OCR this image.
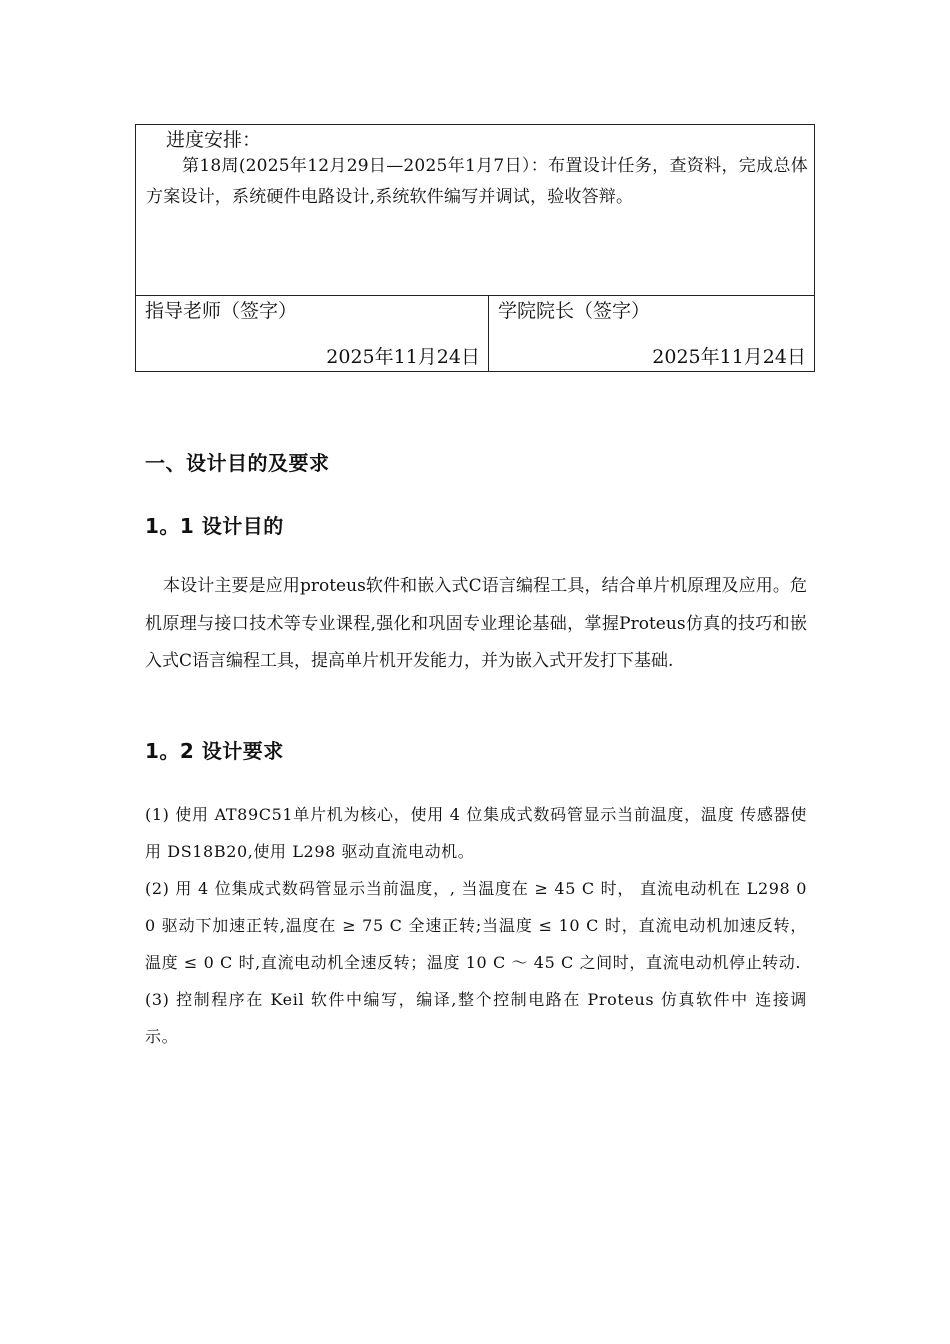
进度安排：
第18周(2025年12月29日—2025年1月7日）：布置设计任务，查资料，完成总体方案设计，系统硬件电路设计,系统软件编写并调试，验收答辩。
指导老师（签字）
2025年11月24日
学院院长（签字）
2025年11月24日
一、设计目的及要求
1。1 设计目的

本设计主要是应用proteus软件和嵌入式C语言编程工具，结合单片机原理及应用。危机原理与接口技术等专业课程,强化和巩固专业理论基础，掌握Proteus仿真的技巧和嵌入式C语言编程工具，提高单片机开发能力，并为嵌入式开发打下基础.

1。2 设计要求

(1) 使用 AT89C51单片机为核心，使用 4 位集成式数码管显示当前温度，温度 传感器使用 DS18B20,使用 L298 驱动直流电动机。

(2) 用 4 位集成式数码管显示当前温度，, 当温度在 ≥ 45 C 时， 直流电动机在 L298 0 0 驱动下加速正转,温度在 ≥ 75 C 全速正转;当温度 ≤ 10 C 时，直流电动机加速反转，温度 ≤ 0 C 时,直流电动机全速反转；温度 10 C ～ 45 C 之间时，直流电动机停止转动.

(3) 控制程序在 Keil 软件中编写，编译,整个控制电路在 Proteus 仿真软件中 连接调示。
